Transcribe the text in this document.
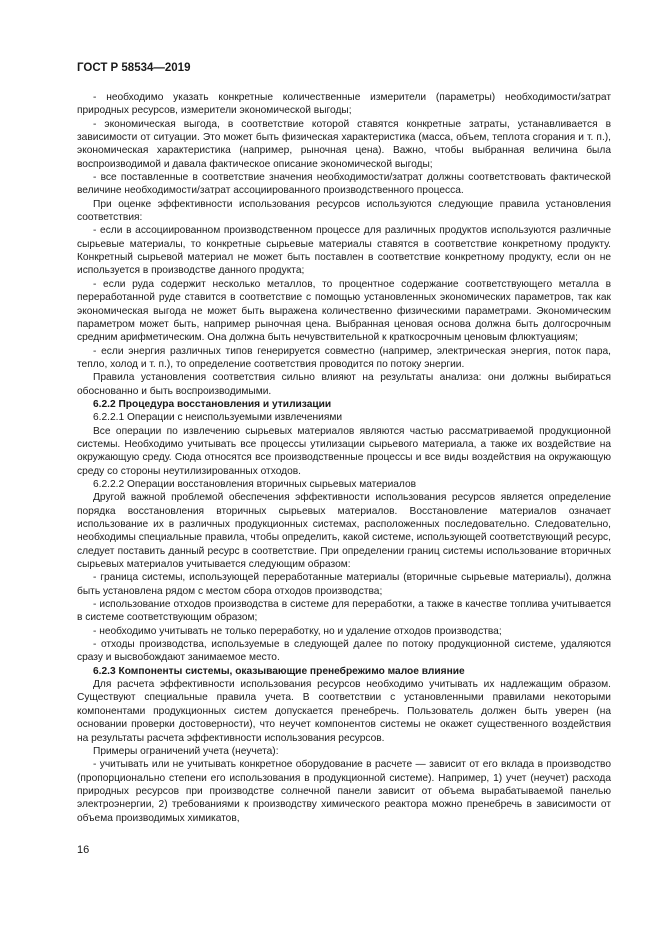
ГОСТ Р 58534—2019

- необходимо указать конкретные количественные измерители (параметры) необходимости/затрат природных ресурсов, измерители экономической выгоды;

- экономическая выгода, в соответствие которой ставятся конкретные затраты, устанавливается в зависимости от ситуации. Это может быть физическая характеристика (масса, объем, теплота сгорания и т. п.), экономическая характеристика (например, рыночная цена). Важно, чтобы выбранная величина была воспроизводимой и давала фактическое описание экономической выгоды;

- все поставленные в соответствие значения необходимости/затрат должны соответствовать фактической величине необходимости/затрат ассоциированного производственного процесса.

При оценке эффективности использования ресурсов используются следующие правила установления соответствия:

- если в ассоциированном производственном процессе для различных продуктов используются различные сырьевые материалы, то конкретные сырьевые материалы ставятся в соответствие конкретному продукту. Конкретный сырьевой материал не может быть поставлен в соответствие конкретному продукту, если он не используется в производстве данного продукта;

- если руда содержит несколько металлов, то процентное содержание соответствующего металла в переработанной руде ставится в соответствие с помощью установленных экономических параметров, так как экономическая выгода не может быть выражена количественно физическими параметрами. Экономическим параметром может быть, например рыночная цена. Выбранная ценовая основа должна быть долгосрочным средним арифметическим. Она должна быть нечувствительной к краткосрочным ценовым флюктуациям;

- если энергия различных типов генерируется совместно (например, электрическая энергия, поток пара, тепло, холод и т. п.), то определение соответствия проводится по потоку энергии.

Правила установления соответствия сильно влияют на результаты анализа: они должны выбираться обоснованно и быть воспроизводимыми.

6.2.2 Процедура восстановления и утилизации

6.2.2.1 Операции с неиспользуемыми извлечениями

Все операции по извлечению сырьевых материалов являются частью рассматриваемой продукционной системы. Необходимо учитывать все процессы утилизации сырьевого материала, а также их воздействие на окружающую среду. Сюда относятся все производственные процессы и все виды воздействия на окружающую среду со стороны неутилизированных отходов.

6.2.2.2 Операции восстановления вторичных сырьевых материалов

Другой важной проблемой обеспечения эффективности использования ресурсов является определение порядка восстановления вторичных сырьевых материалов. Восстановление материалов означает использование их в различных продукционных системах, расположенных последовательно. Следовательно, необходимы специальные правила, чтобы определить, какой системе, использующей соответствующий ресурс, следует поставить данный ресурс в соответствие. При определении границ системы использование вторичных сырьевых материалов учитывается следующим образом:

- граница системы, использующей переработанные материалы (вторичные сырьевые материалы), должна быть установлена рядом с местом сбора отходов производства;

- использование отходов производства в системе для переработки, а также в качестве топлива учитывается в системе соответствующим образом;

- необходимо учитывать не только переработку, но и удаление отходов производства;

- отходы производства, используемые в следующей далее по потоку продукционной системе, удаляются сразу и высвобождают занимаемое место.

6.2.3 Компоненты системы, оказывающие пренебрежимо малое влияние

Для расчета эффективности использования ресурсов необходимо учитывать их надлежащим образом. Существуют специальные правила учета. В соответствии с установленными правилами некоторыми компонентами продукционных систем допускается пренебречь. Пользователь должен быть уверен (на основании проверки достоверности), что неучет компонентов системы не окажет существенного воздействия на результаты расчета эффективности использования ресурсов.

Примеры ограничений учета (неучета):

- учитывать или не учитывать конкретное оборудование в расчете — зависит от его вклада в производство (пропорционально степени его использования в продукционной системе). Например, 1) учет (неучет) расхода природных ресурсов при производстве солнечной панели зависит от объема вырабатываемой панелью электроэнергии, 2) требованиями к производству химического реактора можно пренебречь в зависимости от объема производимых химикатов,

16
